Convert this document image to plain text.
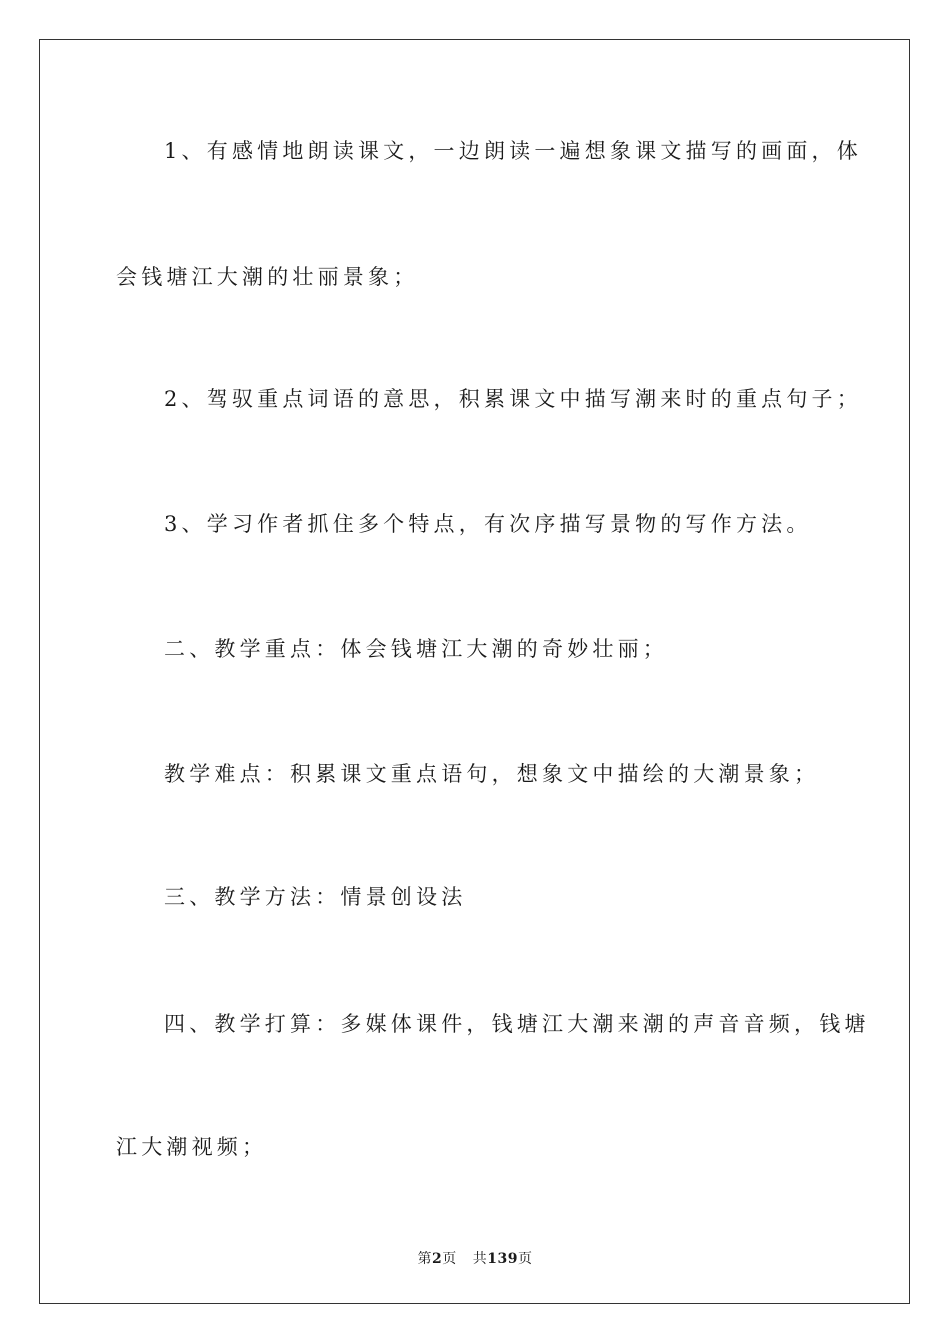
1、有感情地朗读课文，一边朗读一遍想象课文描写的画面，体
会钱塘江大潮的壮丽景象；
2、驾驭重点词语的意思，积累课文中描写潮来时的重点句子；
3、学习作者抓住多个特点，有次序描写景物的写作方法。
二、教学重点：体会钱塘江大潮的奇妙壮丽；
教学难点：积累课文重点语句，想象文中描绘的大潮景象；
三、教学方法：情景创设法
四、教学打算：多媒体课件，钱塘江大潮来潮的声音音频，钱塘
江大潮视频；
第2页 共139页
